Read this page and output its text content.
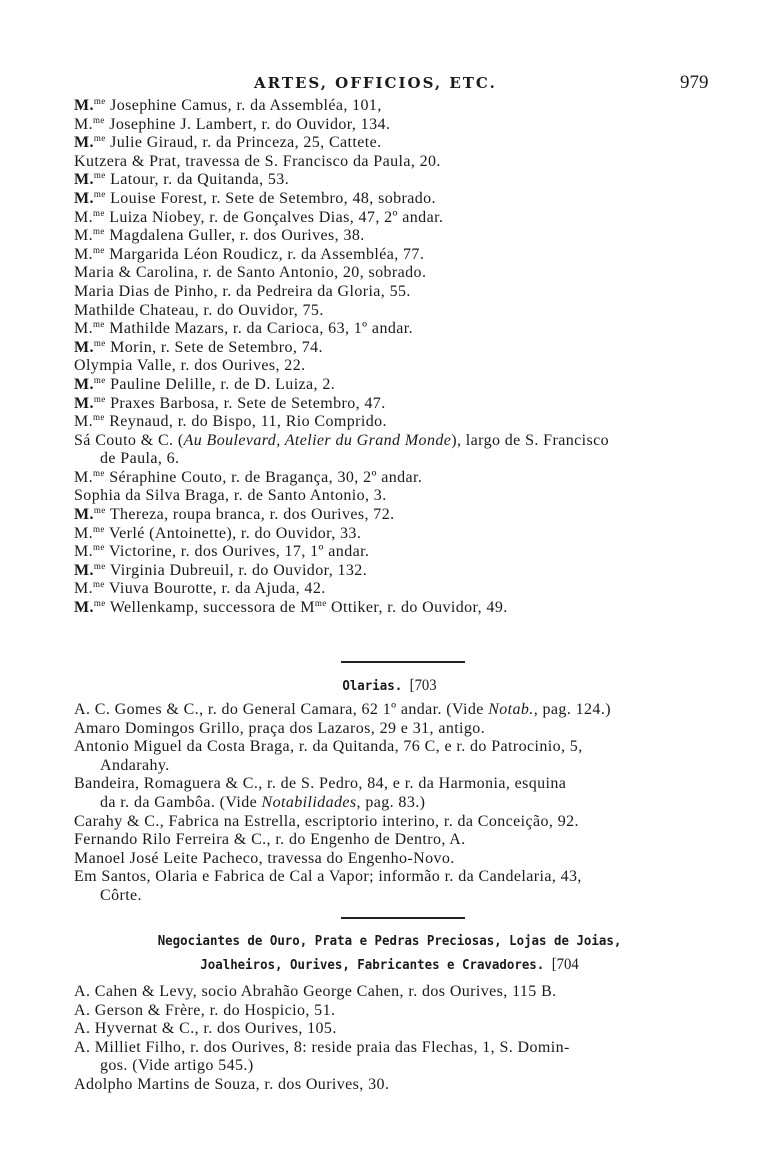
ARTES, OFFICIOS, ETC.	979
M.$^{me}$ Josephine Camus, r. da Assembléa, 101,
M.$^{me}$ Josephine J. Lambert, r. do Ouvidor, 134.
M.$^{me}$ Julie Giraud, r. da Princeza, 25, Cattete.
Kutzera & Prat, travessa de S. Francisco da Paula, 20.
M.$^{me}$ Latour, r. da Quitanda, 53.
M.$^{me}$ Louise Forest, r. Sete de Setembro, 48, sobrado.
M.$^{me}$ Luiza Niobey, r. de Gonçalves Dias, 47, 2º andar.
M.$^{me}$ Magdalena Guller, r. dos Ourives, 38.
M.$^{me}$ Margarida Léon Roudicz, r. da Assembléa, 77.
Maria & Carolina, r. de Santo Antonio, 20, sobrado.
Maria Dias de Pinho, r. da Pedreira da Gloria, 55.
Mathilde Chateau, r. do Ouvidor, 75.
M.$^{me}$ Mathilde Mazars, r. da Carioca, 63, 1º andar.
M.$^{me}$ Morin, r. Sete de Setembro, 74.
Olympia Valle, r. dos Ourives, 22.
M.$^{me}$ Pauline Delille, r. de D. Luiza, 2.
M.$^{me}$ Praxes Barbosa, r. Sete de Setembro, 47.
M.$^{me}$ Reynaud, r. do Bispo, 11, Rio Comprido.
Sá Couto & C. (Au Boulevard, Atelier du Grand Monde), largo de S. Francisco
de Paula, 6.
M.$^{me}$ Séraphine Couto, r. de Bragança, 30, 2º andar.
Sophia da Silva Braga, r. de Santo Antonio, 3.
M.$^{me}$ Thereza, roupa branca, r. dos Ourives, 72.
M.$^{me}$ Verlé (Antoinette), r. do Ouvidor, 33.
M.$^{me}$ Victorine, r. dos Ourives, 17, 1º andar.
M.$^{me}$ Virginia Dubreuil, r. do Ouvidor, 132.
M.$^{me}$ Viuva Bourotte, r. da Ajuda, 42.
M.$^{me}$ Wellenkamp, successora de $M^{me}$ Ottiker, r. do Ouvidor, 49.
Olarias. [703
A. C. Gomes & C., r. do General Camara, 62 1º andar. (Vide Notab., pag. 124.)
Amaro Domingos Grillo, praça dos Lazaros, 29 e 31, antigo.
Antonio Miguel da Costa Braga, r. da Quitanda, 76 C, e r. do Patrocinio, 5,
Andarahy.
Bandeira, Romaguera & C., r. de S. Pedro, 84, e r. da Harmonia, esquina
da r. da Gambôa. (Vide Notabilidades, pag. 83.)
Carahy & C., Fabrica na Estrella, escriptorio interino, r. da Conceição, 92.
Fernando Rilo Ferreira & C., r. do Engenho de Dentro, A.
Manoel José Leite Pacheco, travessa do Engenho-Novo.
Em Santos, Olaria e Fabrica de Cal a Vapor; informão r. da Candelaria, 43,
Côrte.
Negociantes de Ouro, Prata e Pedras Preciosas, Lojas de Joias,
Joalheiros, Ourives, Fabricantes e Cravadores. [704
A. Cahen & Levy, socio Abrahão George Cahen, r. dos Ourives, 115 B.
A. Gerson & Frère, r. do Hospicio, 51.
A. Hyvernat & C., r. dos Ourives, 105.
A. Milliet Filho, r. dos Ourives, 8: reside praia das Flechas, 1, S. Domin-
gos. (Vide artigo 545.)
Adolpho Martins de Souza, r. dos Ourives, 30.
